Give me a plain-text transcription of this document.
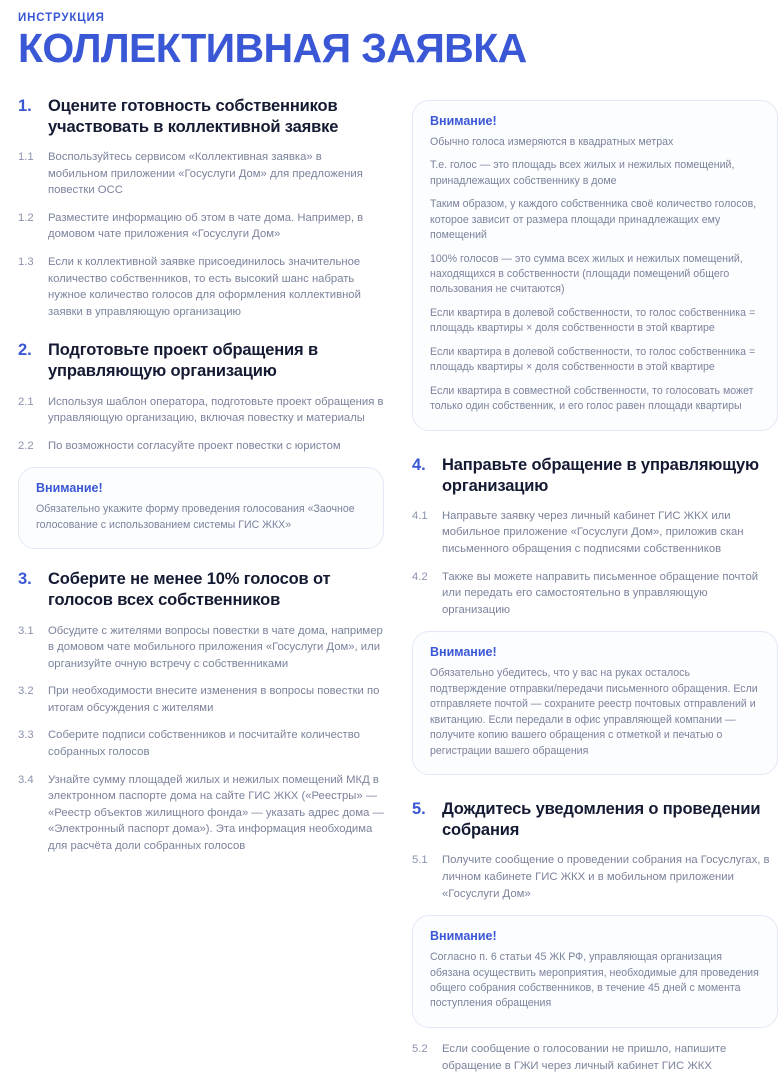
ИНСТРУКЦИЯ
КОЛЛЕКТИВНАЯ ЗАЯВКА
1. Оцените готовность собственников участвовать в коллективной заявке
1.1	Воспользуйтесь сервисом «Коллективная заявка» в мобильном приложении «Госуслуги Дом» для предложения повестки ОСС
1.2	Разместите информацию об этом в чате дома. Например, в домовом чате приложения «Госуслуги Дом»
1.3	Если к коллективной заявке присоединилось значительное количество собственников, то есть высокий шанс набрать нужное количество голосов для оформления коллективной заявки в управляющую организацию
2. Подготовьте проект обращения в управляющую организацию
2.1	Используя шаблон оператора, подготовьте проект обращения в управляющую организацию, включая повестку и материалы
2.2	По возможности согласуйте проект повестки с юристом
Внимание!

Обязательно укажите форму проведения голосования «Заочное голосование с использованием системы ГИС ЖКХ»

3. Соберите не менее 10% голосов от голосов всех собственников
3.1	Обсудите с жителями вопросы повестки в чате дома, например в домовом чате мобильного приложения «Госуслуги Дом», или организуйте очную встречу с собственниками
3.2	При необходимости внесите изменения в вопросы повестки по итогам обсуждения с жителями
3.3	Соберите подписи собственников и посчитайте количество собранных голосов
3.4	Узнайте сумму площадей жилых и нежилых помещений МКД в электронном паспорте дома на сайте ГИС ЖКХ («Реестры» — «Реестр объектов жилищного фонда» — указать адрес дома — «Электронный паспорт дома»). Эта информация необходима для расчёта доли собранных голосов
Внимание!

Обычно голоса измеряются в квадратных метрах

Т.е. голос — это площадь всех жилых и нежилых помещений, принадлежащих собственнику в доме

Таким образом, у каждого собственника своё количество голосов, которое зависит от размера площади принадлежащих ему помещений

100% голосов — это сумма всех жилых и нежилых помещений, находящихся в собственности (площади помещений общего пользования не считаются)

Если квартира в долевой собственности, то голос собственника = площадь квартиры × доля собственности в этой квартире

Если квартира в долевой собственности, то голос собственника = площадь квартиры × доля собственности в этой квартире

Если квартира в совместной собственности, то голосовать может только один собственник, и его голос равен площади квартиры

4. Направьте обращение в управляющую организацию
4.1	Направьте заявку через личный кабинет ГИС ЖКХ или мобильное приложение «Госуслуги Дом», приложив скан письменного обращения с подписями собственников
4.2	Также вы можете направить письменное обращение почтой или передать его самостоятельно в управляющую организацию
Внимание!

Обязательно убедитесь, что у вас на руках осталось подтверждение отправки/передачи письменного обращения. Если отправляете почтой — сохраните реестр почтовых отправлений и квитанцию. Если передали в офис управляющей компании — получите копию вашего обращения с отметкой и печатью о регистрации вашего обращения

5. Дождитесь уведомления о проведении собрания
5.1	Получите сообщение о проведении собрания на Госуслугах, в личном кабинете ГИС ЖКХ и в мобильном приложении «Госуслуги Дом»
Внимание!

Согласно п. 6 статьи 45 ЖК РФ, управляющая организация обязана осуществить мероприятия, необходимые для проведения общего собрания собственников, в течение 45 дней с момента поступления обращения

5.2	Если сообщение о голосовании не пришло, напишите обращение в ГЖИ через личный кабинет ГИС ЖКХ
